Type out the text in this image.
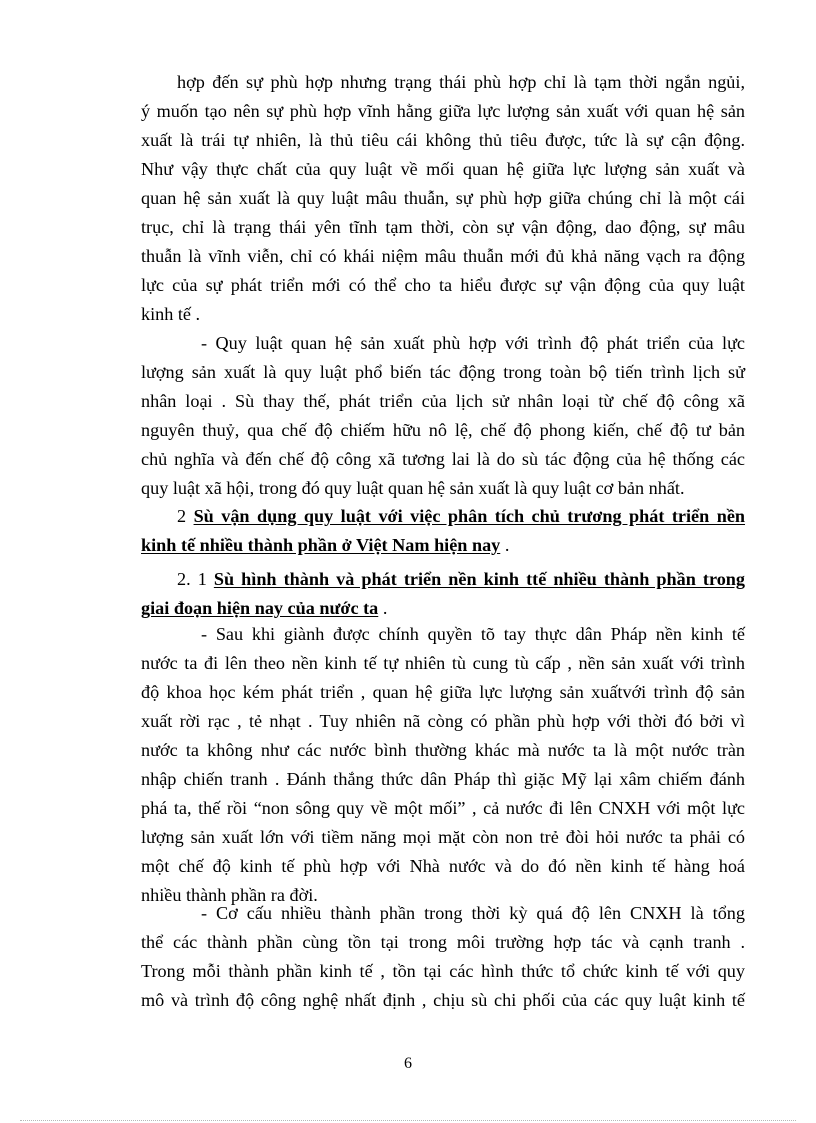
hợp đến sự phù hợp nhưng trạng thái phù hợp chỉ là tạm thời ngắn ngủi,
ý muốn tạo nên sự phù hợp vĩnh hằng giữa lực lượng sản xuất với quan hệ sản
xuất là trái tự nhiên, là thủ tiêu cái không thủ tiêu được, tức là sự cận động.
Như vậy thực chất của quy luật về mối quan hệ giữa lực lượng sản xuất và
quan hệ sản xuất là quy luật mâu thuẫn, sự phù hợp giữa chúng chỉ là một cái
trục, chỉ là trạng thái yên tĩnh tạm thời, còn sự vận động, dao động, sự mâu
thuẫn là vĩnh viễn, chỉ có khái niệm mâu thuẫn mới đủ khả năng vạch ra động
lực của sự phát triển mới có thể cho ta hiểu được sự vận động của quy luật
kinh tế .
- Quy luật quan hệ sản xuất phù hợp với trình độ phát triển của lực
lượng sản xuất là quy luật phổ biến tác động trong toàn bộ tiến trình lịch sử
nhân loại . Sù thay thế, phát triển của lịch sử nhân loại từ chế độ công xã
nguyên thuỷ, qua chế độ chiếm hữu nô lệ, chế độ phong kiến, chế độ tư bản
chủ nghĩa và đến chế độ công xã tương lai là do sù tác động của hệ thống các
quy luật xã hội, trong đó quy luật quan hệ sản xuất là quy luật cơ bản nhất.
2 Sù vận dụng quy luật với việc phân tích chủ trương phát triển nền
kinh tế nhiều thành phần ở Việt Nam hiện nay .
2. 1 Sù hình thành và phát triển nền kinh ttế nhiều thành phần trong
giai đoạn hiện nay của nước ta .
- Sau khi giành được chính quyền tõ tay thực dân Pháp nền kinh tế
nước ta đi lên theo nền kinh tế tự nhiên tù cung tù cấp , nền sản xuất với trình
độ khoa học kém phát triển , quan hệ giữa lực lượng sản xuấtvới trình độ sản
xuất rời rạc , tẻ nhạt . Tuy nhiên nã còng có phần phù hợp với thời đó bởi vì
nước ta không như các nước bình thường khác mà nước ta là một nước tràn
nhập chiến tranh . Đánh thắng thức dân Pháp thì giặc Mỹ lại xâm chiếm đánh
phá ta, thế rồi “non sông quy về một mối” , cả nước đi lên CNXH với một lực
lượng sản xuất lớn với tiềm năng mọi mặt còn non trẻ đòi hỏi nước ta phải có
một chế độ kinh tế phù hợp với Nhà nước và do đó nền kinh tế hàng hoá
nhiều thành phần ra đời.
- Cơ cấu nhiều thành phần trong thời kỳ quá độ lên CNXH là tổng
thể các thành phần cùng tồn tại trong môi trường hợp tác và cạnh tranh .
Trong mỗi thành phần kinh tế , tồn tại các hình thức tổ chức kinh tế với quy
mô và trình độ công nghệ nhất định , chịu sù chi phối của các quy luật kinh tế
6
